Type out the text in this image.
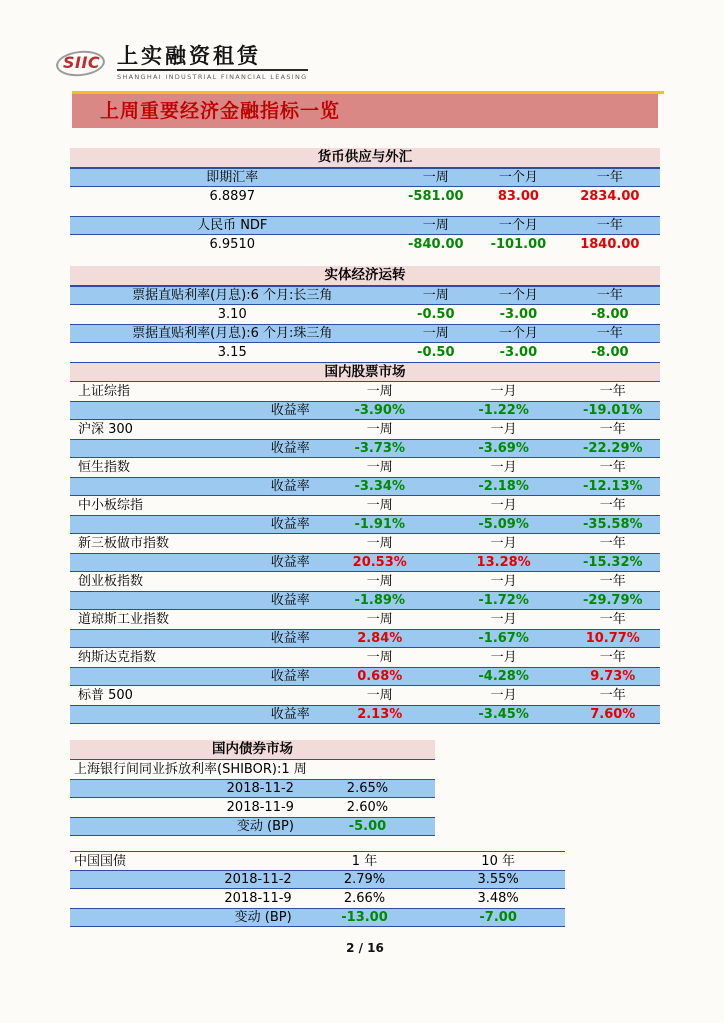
SIIC 上实融资租赁
SHANGHAI INDUSTRIAL FINANCIAL LEASING
上周重要经济金融指标一览
货币供应与外汇
即期汇率	一周	一个月	一年
6.8897	-581.00	83.00	2834.00
人民币 NDF	一周	一个月	一年
6.9510	-840.00	-101.00	1840.00
实体经济运转
票据直贴利率(月息):6 个月:长三角	一周	一个月	一年
3.10	-0.50	-3.00	-8.00
票据直贴利率(月息):6 个月:珠三角	一周	一个月	一年
3.15	-0.50	-3.00	-8.00
国内股票市场
上证综指	一周	一月	一年
收益率	-3.90%	-1.22%	-19.01%
沪深 300	一周	一月	一年
收益率	-3.73%	-3.69%	-22.29%
恒生指数	一周	一月	一年
收益率	-3.34%	-2.18%	-12.13%
中小板综指	一周	一月	一年
收益率	-1.91%	-5.09%	-35.58%
新三板做市指数	一周	一月	一年
收益率	20.53%	13.28%	-15.32%
创业板指数	一周	一月	一年
收益率	-1.89%	-1.72%	-29.79%
道琼斯工业指数	一周	一月	一年
收益率	2.84%	-1.67%	10.77%
纳斯达克指数	一周	一月	一年
收益率	0.68%	-4.28%	9.73%
标普 500	一周	一月	一年
收益率	2.13%	-3.45%	7.60%
国内债券市场
上海银行间同业拆放利率(SHIBOR):1 周
2018-11-2	2.65%
2018-11-9	2.60%
变动 (BP)	-5.00
中国国债	1 年	10 年
2018-11-2	2.79%	3.55%
2018-11-9	2.66%	3.48%
变动 (BP)	-13.00	-7.00
2 / 16
